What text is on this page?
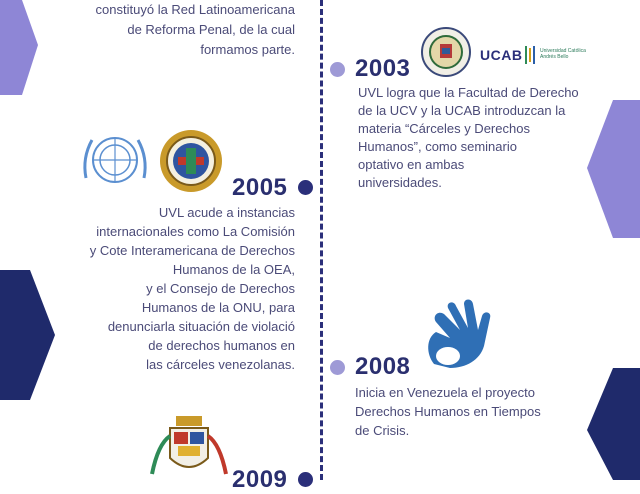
constituyó la Red Latinoamericana
de Reforma Penal, de la cual
formamos parte.
2003	UCAB	Universidad Católica
Andrés Bello
UVL logra que la Facultad de Derecho
de la UCV y la UCAB introduzcan la
materia “Cárceles y Derechos
Humanos”, como seminario
optativo en ambas
universidades.
2005
UVL acude a instancias
internacionales como La Comisión
y Cote Interamericana de Derechos
Humanos de la OEA,
y el Consejo de Derechos
Humanos de la ONU, para
denunciarla situación de violació
de derechos humanos en
las cárceles venezolanas.	2008
Inicia en Venezuela el proyecto
Derechos Humanos en Tiempos
de Crisis.
2009
